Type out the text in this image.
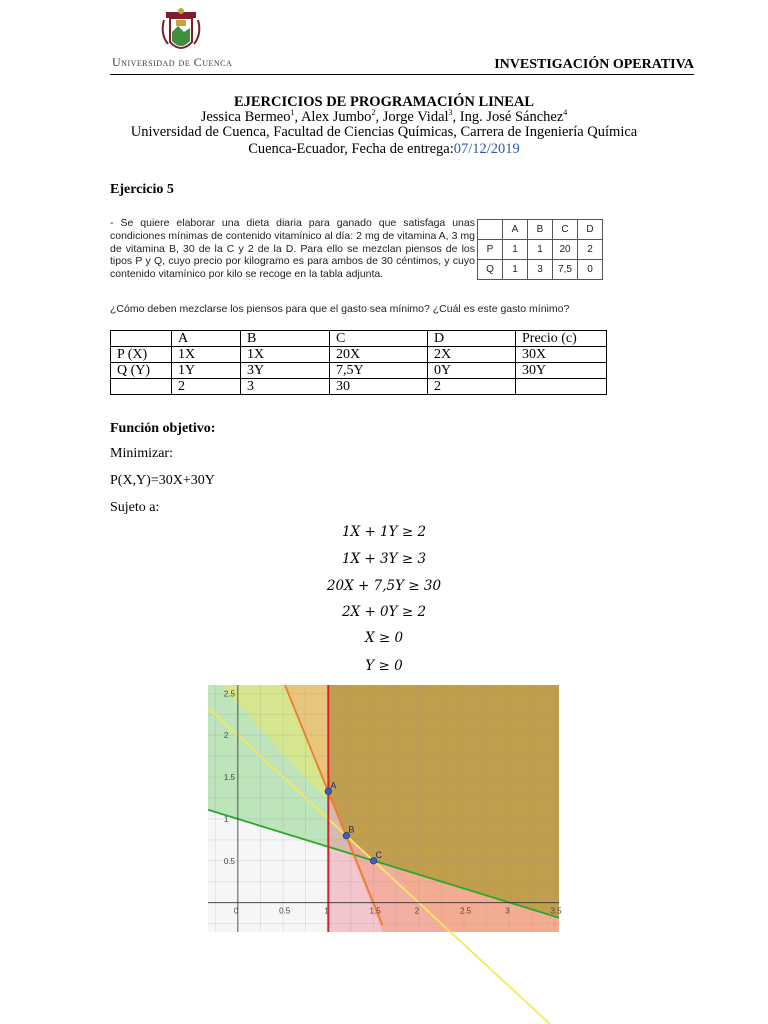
Universidad de Cuenca	INVESTIGACIÓN OPERATIVA
EJERCICIOS DE PROGRAMACIÓN LINEAL
Jessica Bermeo$^1$, Alex Jumbo$^2$, Jorge Vidal$^3$, Ing. José Sánchez$^4$
Universidad de Cuenca, Facultad de Ciencias Químicas, Carrera de Ingeniería Química
Cuenca-Ecuador, Fecha de entrega:07/12/2019
Ejercicio 5
- Se quiere elaborar una dieta diaria para ganado que satisfaga unas condiciones mínimas de contenido vitamínico al día: 2 mg de vitamina A, 3 mg de vitamina B, 30 de la C y 2 de la D. Para ello se mezclan piensos de los tipos P y Q, cuyo precio por kilogramo es para ambos de 30 céntimos, y cuyo contenido vitamínico por kilo se recoge en la tabla adjunta.
	A	B	C	D
P	1	1	20	2
Q	1	3	7,5	0
¿Cómo deben mezclarse los piensos para que el gasto sea mínimo? ¿Cuál es este gasto mínimo?
	A	B	C	D	Precio (c)
P (X)	1X	1X	20X	2X	30X
Q (Y)	1Y	3Y	7,5Y	0Y	30Y
	2	3	30	2	
Función objetivo:
Minimizar:
P(X,Y)=30X+30Y
Sujeto a:
1X + 1Y ≥ 2
1X + 3Y ≥ 3
20X + 7,5Y ≥ 30
2X + 0Y ≥ 2
X ≥ 0
Y ≥ 0
0	0.5	1	1.5	2	2.5	3	3.5
0.5
1
1.5
2
2.5
A
B
C
